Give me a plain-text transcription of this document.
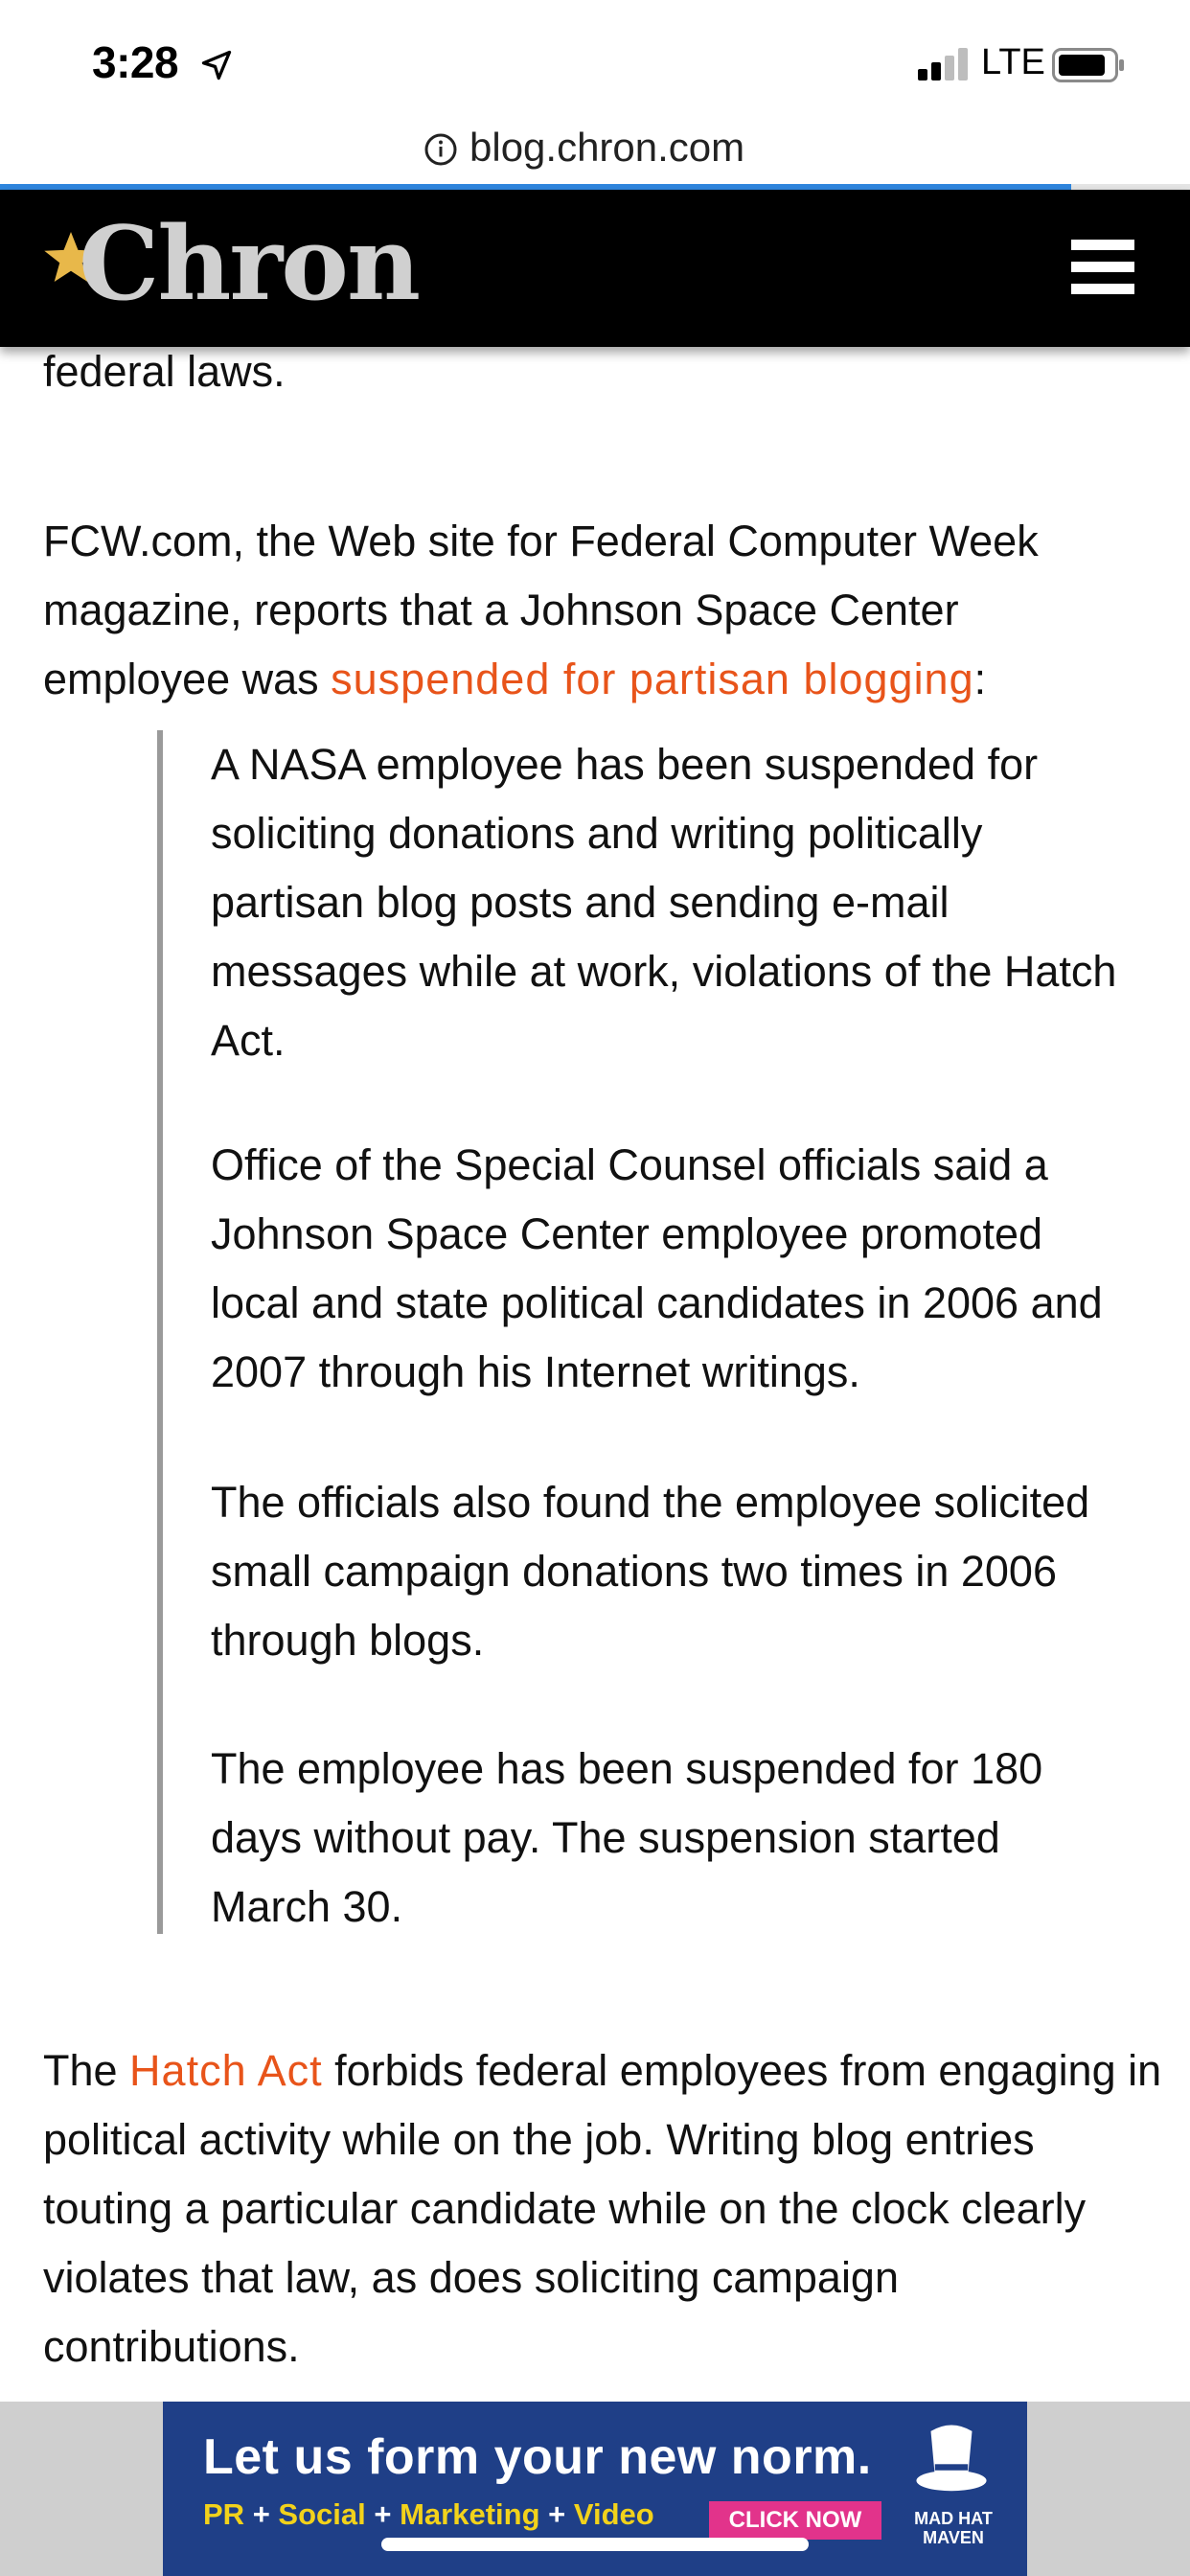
3:28	LTE
blog.chron.com
Chron
federal laws.

FCW.com, the Web site for Federal Computer Week magazine, reports that a Johnson Space Center employee was suspended for partisan blogging:

A NASA employee has been suspended for soliciting donations and writing politically partisan blog posts and sending e-mail messages while at work, violations of the Hatch Act.

Office of the Special Counsel officials said a Johnson Space Center employee promoted local and state political candidates in 2006 and 2007 through his Internet writings.

The officials also found the employee solicited small campaign donations two times in 2006 through blogs.

The employee has been suspended for 180 days without pay. The suspension started March 30.

The Hatch Act forbids federal employees from engaging in political activity while on the job. Writing blog entries touting a particular candidate while on the clock clearly violates that law, as does soliciting campaign contributions.

Let us form your new norm.
PR + Social + Marketing + Video	CLICK NOW	MAD HAT MAVEN
